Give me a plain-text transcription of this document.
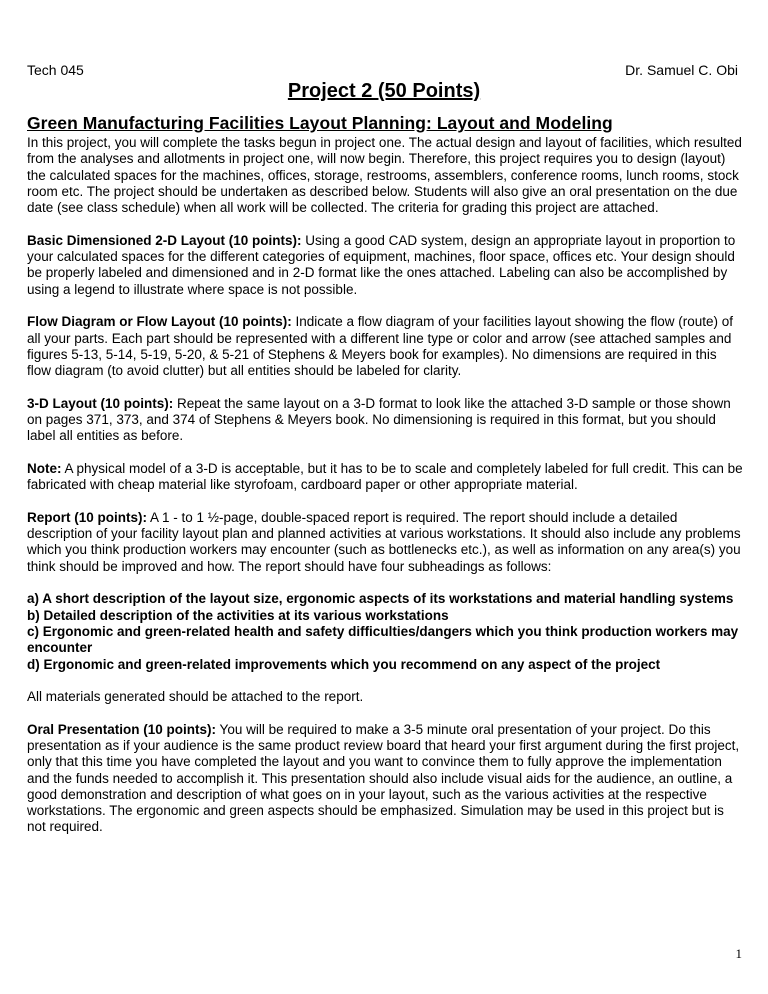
Tech 045	Dr. Samuel C. Obi
Project 2 (50 Points)
Green Manufacturing Facilities Layout Planning: Layout and Modeling

In this project, you will complete the tasks begun in project one. The actual design and layout of facilities, which resulted from the analyses and allotments in project one, will now begin. Therefore, this project requires you to design (layout) the calculated spaces for the machines, offices, storage, restrooms, assemblers, conference rooms, lunch rooms, stock room etc. The project should be undertaken as described below. Students will also give an oral presentation on the due date (see class schedule) when all work will be collected. The criteria for grading this project are attached.

Basic Dimensioned 2-D Layout (10 points): Using a good CAD system, design an appropriate layout in proportion to your calculated spaces for the different categories of equipment, machines, floor space, offices etc. Your design should be properly labeled and dimensioned and in 2-D format like the ones attached. Labeling can also be accomplished by using a legend to illustrate where space is not possible.

Flow Diagram or Flow Layout (10 points): Indicate a flow diagram of your facilities layout showing the flow (route) of all your parts. Each part should be represented with a different line type or color and arrow (see attached samples and figures 5-13, 5-14, 5-19, 5-20, & 5-21 of Stephens & Meyers book for examples). No dimensions are required in this flow diagram (to avoid clutter) but all entities should be labeled for clarity.

3-D Layout (10 points): Repeat the same layout on a 3-D format to look like the attached 3-D sample or those shown on pages 371, 373, and 374 of Stephens & Meyers book. No dimensioning is required in this format, but you should label all entities as before.

Note: A physical model of a 3-D is acceptable, but it has to be to scale and completely labeled for full credit. This can be fabricated with cheap material like styrofoam, cardboard paper or other appropriate material.

Report (10 points): A 1 - to 1 ½-page, double-spaced report is required. The report should include a detailed description of your facility layout plan and planned activities at various workstations. It should also include any problems which you think production workers may encounter (such as bottlenecks etc.), as well as information on any area(s) you think should be improved and how. The report should have four subheadings as follows:

a) A short description of the layout size, ergonomic aspects of its workstations and material handling systems

b) Detailed description of the activities at its various workstations

c) Ergonomic and green-related health and safety difficulties/dangers which you think production workers may encounter

d) Ergonomic and green-related improvements which you recommend on any aspect of the project

All materials generated should be attached to the report.

Oral Presentation (10 points): You will be required to make a 3-5 minute oral presentation of your project. Do this presentation as if your audience is the same product review board that heard your first argument during the first project, only that this time you have completed the layout and you want to convince them to fully approve the implementation and the funds needed to accomplish it. This presentation should also include visual aids for the audience, an outline, a good demonstration and description of what goes on in your layout, such as the various activities at the respective workstations. The ergonomic and green aspects should be emphasized. Simulation may be used in this project but is not required.

1
